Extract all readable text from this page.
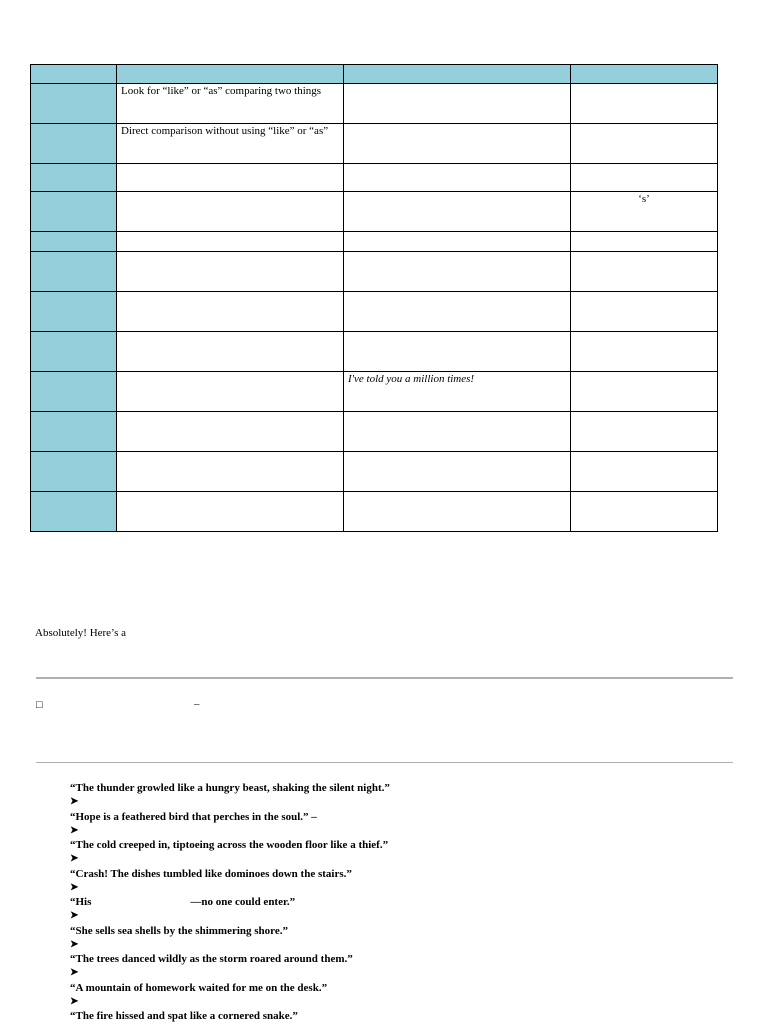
	Look for “like” or “as” comparing two things		

	Direct comparison without using “like” or “as”		

			‘s’

		I've told you a million times!	

Absolutely! Here’s a
□	–
“The thunder growled like a hungry beast, shaking the silent night.”
➤
“Hope is a feathered bird that perches in the soul.” –
➤
“The cold creeped in, tiptoeing across the wooden floor like a thief.”
➤
“Crash! The dishes tumbled like dominoes down the stairs.”
➤
“His                                    —no one could enter.”
➤
“She sells sea shells by the shimmering shore.”
➤
“The trees danced wildly as the storm roared around them.”
➤
“A mountain of homework waited for me on the desk.”
➤
“The fire hissed and spat like a cornered snake.”
